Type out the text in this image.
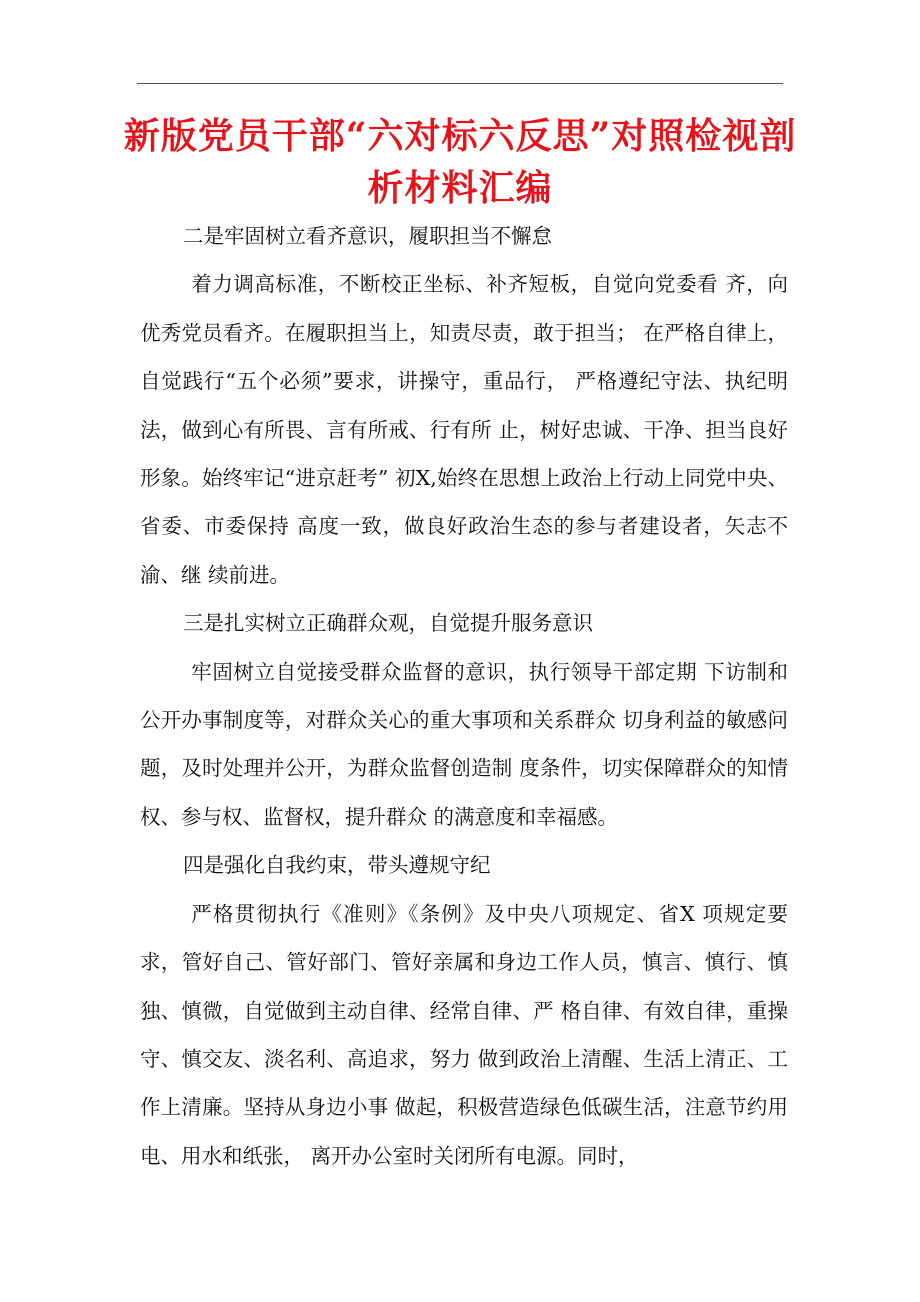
新版党员干部“六对标六反思”对照检视剖析材料汇编

二是牢固树立看齐意识，履职担当不懈怠

着力调高标准，不断校正坐标、补齐短板，自觉向党委看 齐，向优秀党员看齐。在履职担当上，知责尽责，敢于担当； 在严格自律上，自觉践行“五个必须”要求，讲操守，重品行， 严格遵纪守法、执纪明法，做到心有所畏、言有所戒、行有所 止，树好忠诚、干净、担当良好形象。始终牢记“进京赶考” 初X,始终在思想上政治上行动上同党中央、省委、市委保持 高度一致，做良好政治生态的参与者建设者，矢志不渝、继 续前进。

三是扎实树立正确群众观，自觉提升服务意识

牢固树立自觉接受群众监督的意识，执行领导干部定期 下访制和公开办事制度等，对群众关心的重大事项和关系群众 切身利益的敏感问题，及时处理并公开，为群众监督创造制 度条件，切实保障群众的知情权、参与权、监督权，提升群众 的满意度和幸福感。

四是强化自我约束，带头遵规守纪

严格贯彻执行《准则》《条例》及中央八项规定、省X 项规定要求，管好自己、管好部门、管好亲属和身边工作人员，慎言、慎行、慎独、慎微，自觉做到主动自律、经常自律、严 格自律、有效自律，重操守、慎交友、淡名利、高追求，努力 做到政治上清醒、生活上清正、工作上清廉。坚持从身边小事 做起，积极营造绿色低碳生活，注意节约用电、用水和纸张， 离开办公室时关闭所有电源。同时，
